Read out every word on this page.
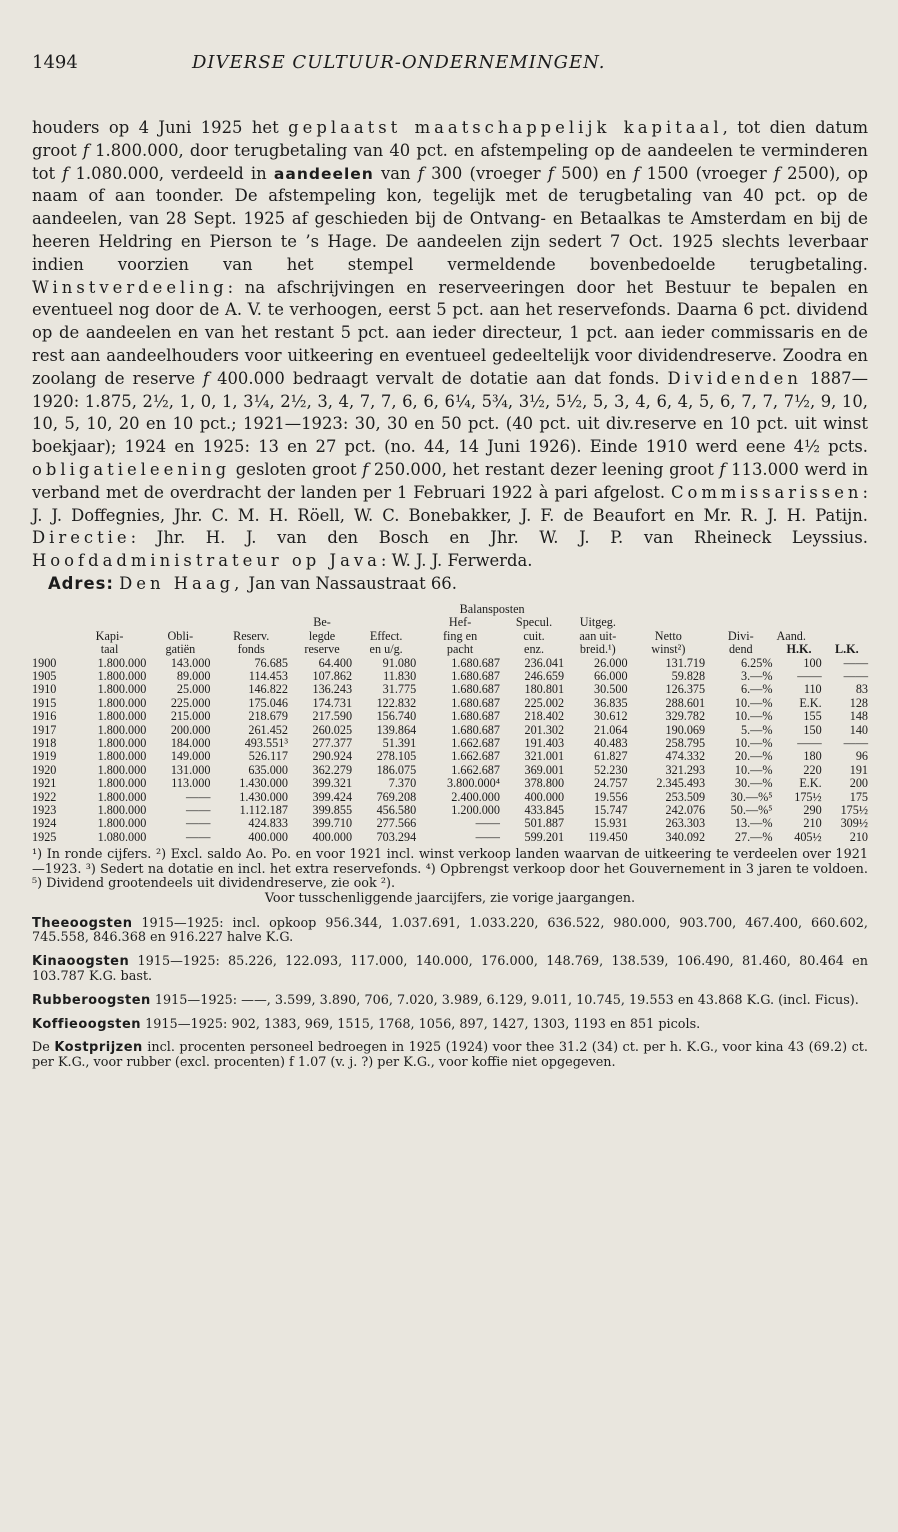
1494	DIVERSE CULTUUR-ONDERNEMINGEN.

houders op 4 Juni 1925 het geplaatst maatschappelijk kapitaal, tot dien datum groot f 1.800.000, door terugbetaling van 40 pct. en afstempeling op de aandeelen te verminderen tot f 1.080.000, verdeeld in aandeelen van f 300 (vroeger f 500) en f 1500 (vroeger f 2500), op naam of aan toonder. De afstempeling kon, tegelijk met de terugbetaling van 40 pct. op de aandeelen, van 28 Sept. 1925 af geschieden bij de Ontvang- en Betaalkas te Amsterdam en bij de heeren Heldring en Pierson te ’s Hage. De aandeelen zijn sedert 7 Oct. 1925 slechts leverbaar indien voorzien van het stempel vermeldende bovenbedoelde terugbetaling. Winstverdeeling: na afschrijvingen en reserveeringen door het Bestuur te bepalen en eventueel nog door de A. V. te verhoogen, eerst 5 pct. aan het reservefonds. Daarna 6 pct. dividend op de aandeelen en van het restant 5 pct. aan ieder directeur, 1 pct. aan ieder commissaris en de rest aan aandeelhouders voor uitkeering en eventueel gedeeltelijk voor dividendreserve. Zoodra en zoolang de reserve f 400.000 bedraagt vervalt de dotatie aan dat fonds. Dividenden 1887—1920: 1.875, 2½, 1, 0, 1, 3¼, 2½, 3, 4, 7, 7, 6, 6, 6¼, 5¾, 3½, 5½, 5, 3, 4, 6, 4, 5, 6, 7, 7, 7½, 9, 10, 10, 5, 10, 20 en 10 pct.; 1921—1923: 30, 30 en 50 pct. (40 pct. uit div.reserve en 10 pct. uit winst boekjaar); 1924 en 1925: 13 en 27 pct. (no. 44, 14 Juni 1926). Einde 1910 werd eene 4½ pcts. obligatieleening gesloten groot f 250.000, het restant dezer leening groot f 113.000 werd in verband met de overdracht der landen per 1 Februari 1922 à pari afgelost. Commissarissen: J. J. Doffegnies, Jhr. C. M. H. Röell, W. C. Bonebakker, J. F. de Beaufort en Mr. R. J. H. Patijn. Directie: Jhr. H. J. van den Bosch en Jhr. W. J. P. van Rheineck Leyssius. Hoofdadministrateur op Java: W. J. J. Ferwerda.

Adres: Den Haag, Jan van Nassaustraat 66.
						Balansposten						
				Be-		Hef-	Specul.	Uitgeg.				
	Kapi-	Obli-	Reserv.	legde	Effect.	fing en	cuit.	aan uit-	Netto	Divi-	Aand.	
	taal	gatiën	fonds	reserve	en u/g.	pacht	enz.	breid.¹)	winst²)	dend	H.K.	L.K.
1900	1.800.000	143.000	76.685	64.400	91.080	1.680.687	236.041	26.000	131.719	6.25%	100	——
1905	1.800.000	89.000	114.453	107.862	11.830	1.680.687	246.659	66.000	59.828	3.—%	——	——
1910	1.800.000	25.000	146.822	136.243	31.775	1.680.687	180.801	30.500	126.375	6.—%	110	83
1915	1.800.000	225.000	175.046	174.731	122.832	1.680.687	225.002	36.835	288.601	10.—%	E.K.	128
1916	1.800.000	215.000	218.679	217.590	156.740	1.680.687	218.402	30.612	329.782	10.—%	155	148
1917	1.800.000	200.000	261.452	260.025	139.864	1.680.687	201.302	21.064	190.069	5.—%	150	140
1918	1.800.000	184.000	493.551³	277.377	51.391	1.662.687	191.403	40.483	258.795	10.—%	——	——
1919	1.800.000	149.000	526.117	290.924	278.105	1.662.687	321.001	61.827	474.332	20.—%	180	96
1920	1.800.000	131.000	635.000	362.279	186.075	1.662.687	369.001	52.230	321.293	10.—%	220	191
1921	1.800.000	113.000	1.430.000	399.321	7.370	3.800.000⁴	378.800	24.757	2.345.493	30.—%	E.K.	200
1922	1.800.000	——	1.430.000	399.424	769.208	2.400.000	400.000	19.556	253.509	30.—%⁵	175½	175
1923	1.800.000	——	1.112.187	399.855	456.580	1.200.000	433.845	15.747	242.076	50.—%⁵	290	175½
1924	1.800.000	——	424.833	399.710	277.566	——	501.887	15.931	263.303	13.—%	210	309½
1925	1.080.000	——	400.000	400.000	703.294	——	599.201	119.450	340.092	27.—%	405½	210
¹) In ronde cijfers. ²) Excl. saldo Ao. Po. en voor 1921 incl. winst verkoop landen waarvan de uitkeering te verdeelen over 1921—1923. ³) Sedert na dotatie en incl. het extra reservefonds. ⁴) Opbrengst verkoop door het Gouvernement in 3 jaren te voldoen. ⁵) Dividend grootendeels uit dividendreserve, zie ook ²).
Voor tusschenliggende jaarcijfers, zie vorige jaargangen.
Theeoogsten 1915—1925: incl. opkoop 956.344, 1.037.691, 1.033.220, 636.522, 980.000, 903.700, 467.400, 660.602, 745.558, 846.368 en 916.227 halve K.G.
Kinaoogsten 1915—1925: 85.226, 122.093, 117.000, 140.000, 176.000, 148.769, 138.539, 106.490, 81.460, 80.464 en 103.787 K.G. bast.
Rubberoogsten 1915—1925: ——, 3.599, 3.890, 706, 7.020, 3.989, 6.129, 9.011, 10.745, 19.553 en 43.868 K.G. (incl. Ficus).
Koffieoogsten 1915—1925: 902, 1383, 969, 1515, 1768, 1056, 897, 1427, 1303, 1193 en 851 picols.
De Kostprijzen incl. procenten personeel bedroegen in 1925 (1924) voor thee 31.2 (34) ct. per h. K.G., voor kina 43 (69.2) ct. per K.G., voor rubber (excl. procenten) f 1.07 (v. j. ?) per K.G., voor koffie niet opgegeven.
